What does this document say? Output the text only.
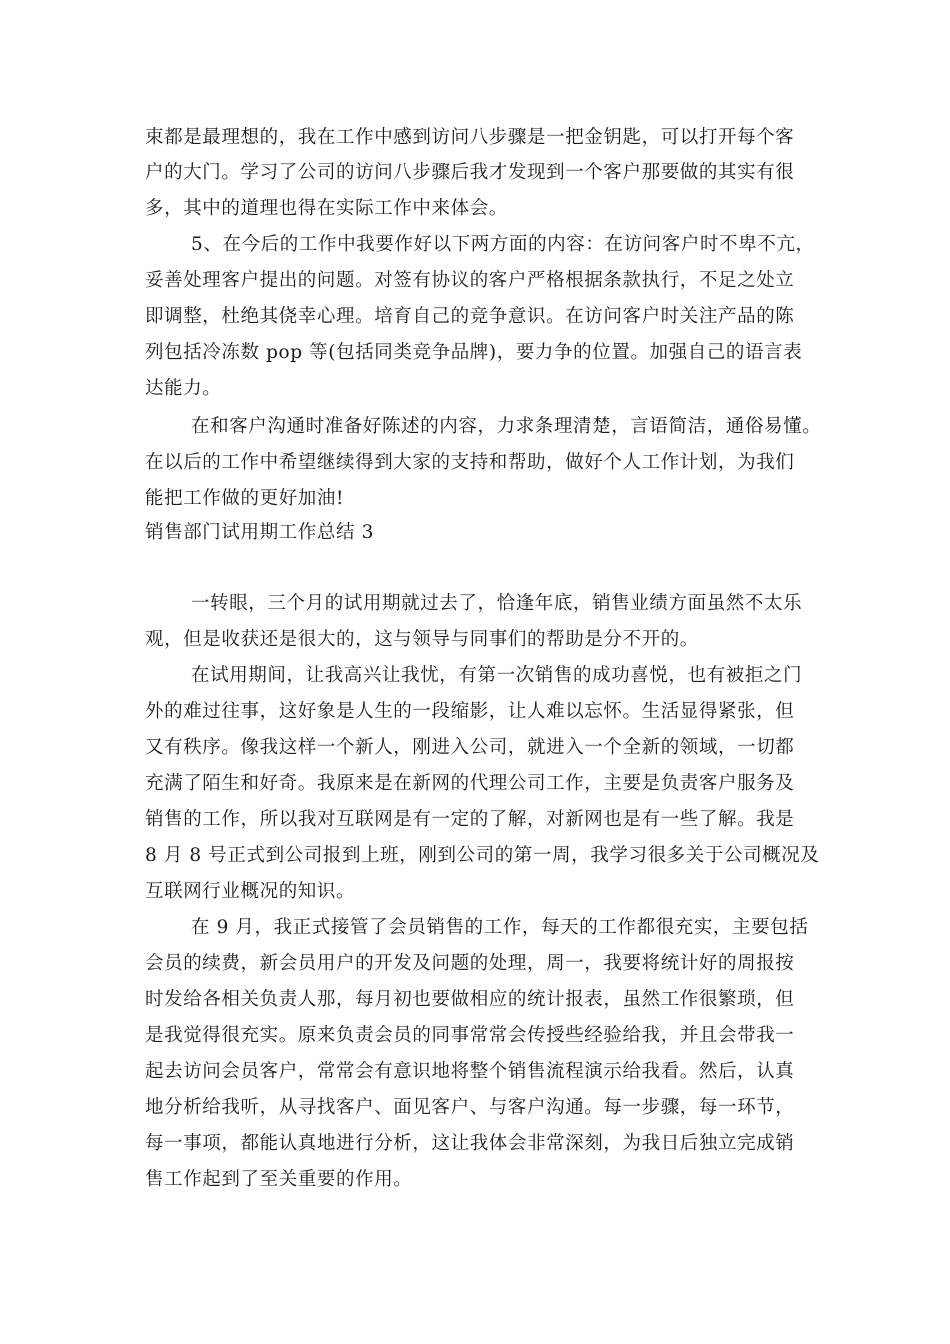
束都是最理想的，我在工作中感到访问八步骤是一把金钥匙，可以打开每个客
户的大门。学习了公司的访问八步骤后我才发现到一个客户那要做的其实有很
多，其中的道理也得在实际工作中来体会。
5、在今后的工作中我要作好以下两方面的内容：在访问客户时不卑不亢，
妥善处理客户提出的问题。对签有协议的客户严格根据条款执行，不足之处立
即调整，杜绝其侥幸心理。培育自己的竞争意识。在访问客户时关注产品的陈
列包括冷冻数 pop 等(包括同类竞争品牌)，要力争的位置。加强自己的语言表
达能力。
在和客户沟通时准备好陈述的内容，力求条理清楚，言语简洁，通俗易懂。
在以后的工作中希望继续得到大家的支持和帮助，做好个人工作计划，为我们
能把工作做的更好加油!
销售部门试用期工作总结 3
一转眼，三个月的试用期就过去了，恰逢年底，销售业绩方面虽然不太乐
观，但是收获还是很大的，这与领导与同事们的帮助是分不开的。
在试用期间，让我高兴让我忧，有第一次销售的成功喜悦，也有被拒之门
外的难过往事，这好象是人生的一段缩影，让人难以忘怀。生活显得紧张，但
又有秩序。像我这样一个新人，刚进入公司，就进入一个全新的领域，一切都
充满了陌生和好奇。我原来是在新网的代理公司工作，主要是负责客户服务及
销售的工作，所以我对互联网是有一定的了解，对新网也是有一些了解。我是
8 月 8 号正式到公司报到上班，刚到公司的第一周，我学习很多关于公司概况及
互联网行业概况的知识。
在 9 月，我正式接管了会员销售的工作，每天的工作都很充实，主要包括
会员的续费，新会员用户的开发及问题的处理，周一，我要将统计好的周报按
时发给各相关负责人那，每月初也要做相应的统计报表，虽然工作很繁琐，但
是我觉得很充实。原来负责会员的同事常常会传授些经验给我，并且会带我一
起去访问会员客户，常常会有意识地将整个销售流程演示给我看。然后，认真
地分析给我听，从寻找客户、面见客户、与客户沟通。每一步骤，每一环节，
每一事项，都能认真地进行分析，这让我体会非常深刻，为我日后独立完成销
售工作起到了至关重要的作用。
